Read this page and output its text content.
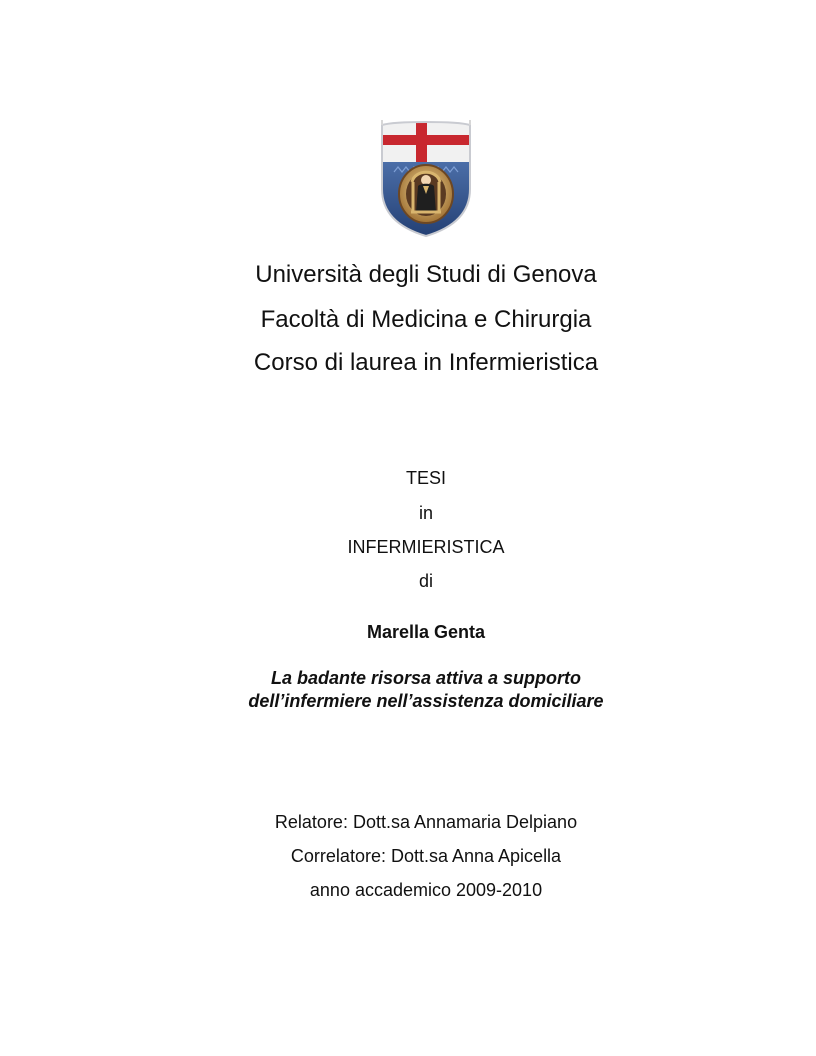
Università degli Studi di Genova
Facoltà di Medicina e Chirurgia
Corso di laurea in Infermieristica
TESI
in
INFERMIERISTICA
di
Marella Genta
La badante risorsa attiva a supporto
dell’infermiere nell’assistenza domiciliare
Relatore: Dott.sa Annamaria Delpiano
Correlatore: Dott.sa Anna Apicella
anno accademico 2009-2010
